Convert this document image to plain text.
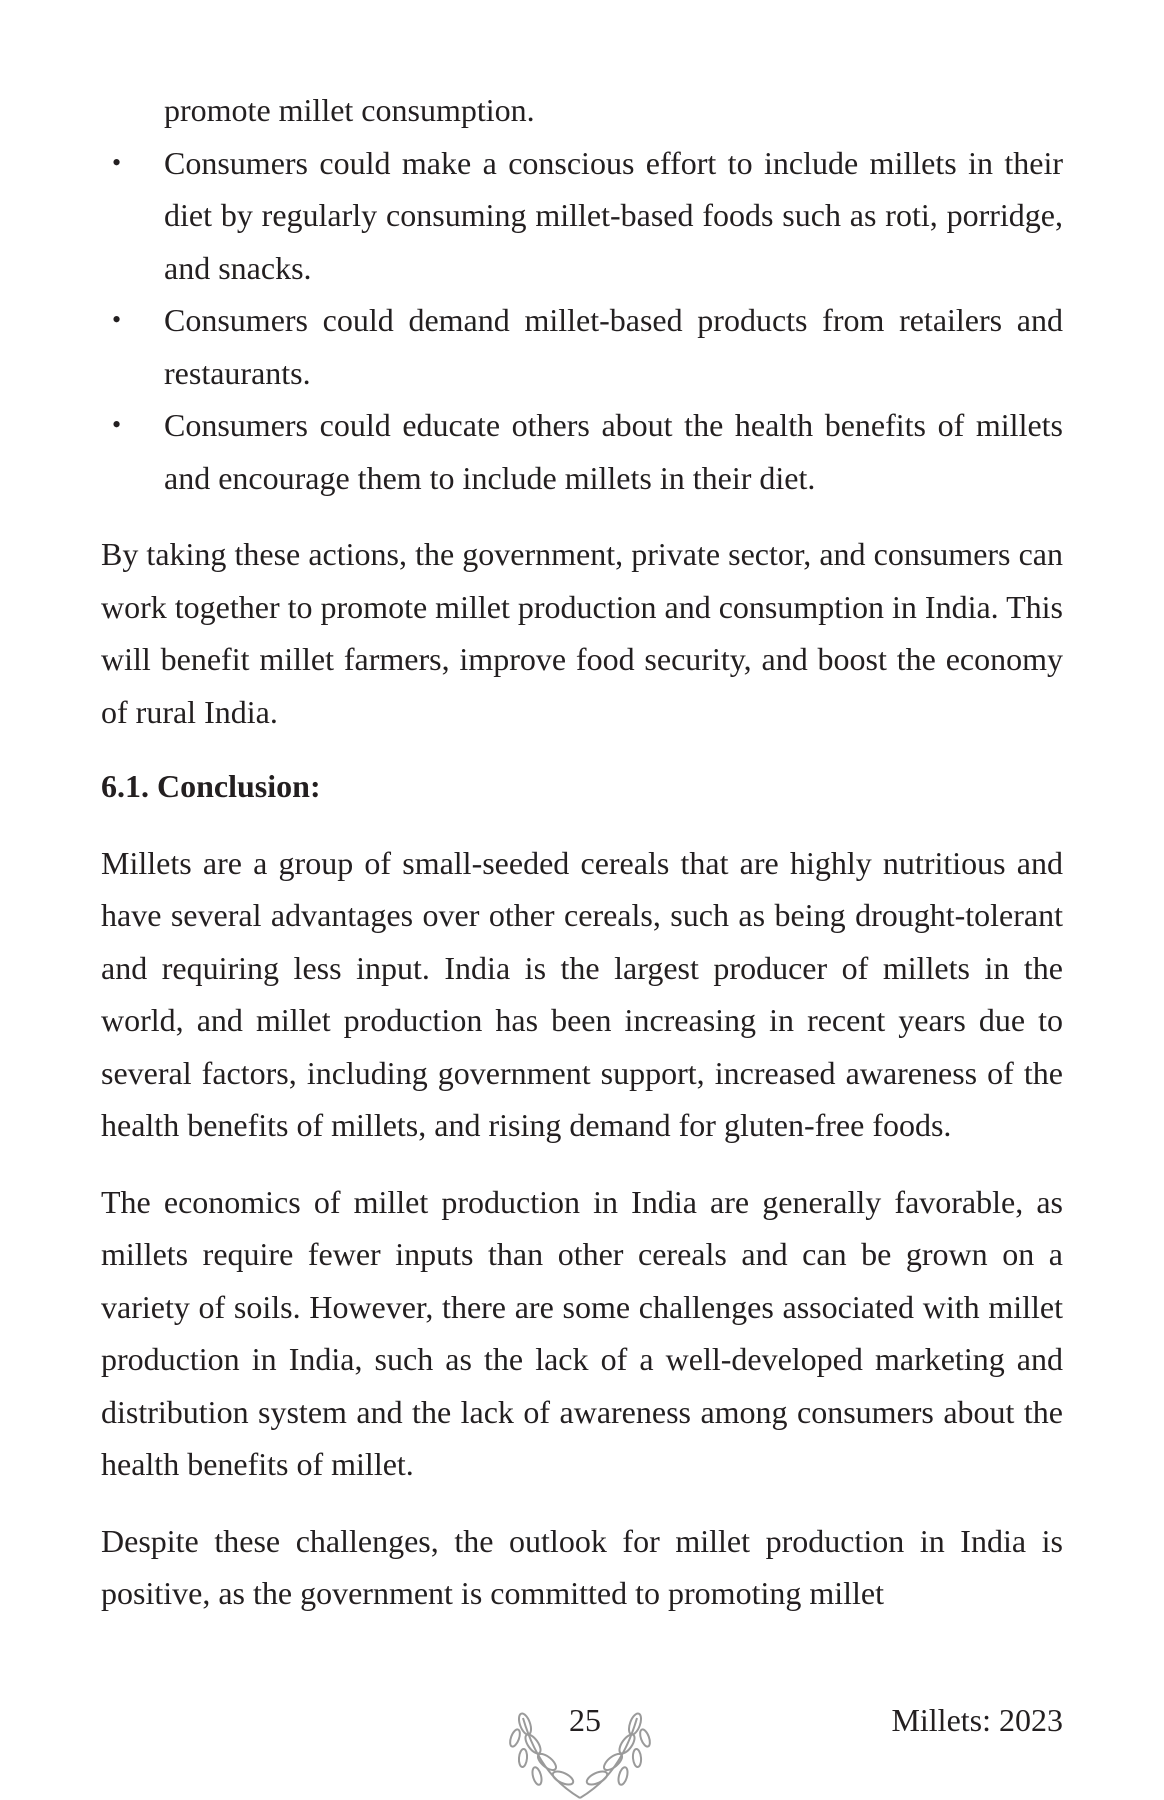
promote millet consumption.
•	Consumers could make a conscious effort to include millets in their diet by regularly consuming millet-based foods such as roti, porridge, and snacks.
•	Consumers could demand millet-based products from retailers and restaurants.
•	Consumers could educate others about the health benefits of millets and encourage them to include millets in their diet.

By taking these actions, the government, private sector, and consumers can work together to promote millet production and consumption in India. This will benefit millet farmers, improve food security, and boost the economy of rural India.

6.1. Conclusion:

Millets are a group of small-seeded cereals that are highly nutritious and have several advantages over other cereals, such as being drought-tolerant and requiring less input. India is the largest producer of millets in the world, and millet production has been increasing in recent years due to several factors, including government support, increased awareness of the health benefits of millets, and rising demand for gluten-free foods.

The economics of millet production in India are generally favorable, as millets require fewer inputs than other cereals and can be grown on a variety of soils. However, there are some challenges associated with millet production in India, such as the lack of a well-developed marketing and distribution system and the lack of awareness among consumers about the health benefits of millet.

Despite these challenges, the outlook for millet production in India is positive, as the government is committed to promoting millet

25	Millets: 2023
